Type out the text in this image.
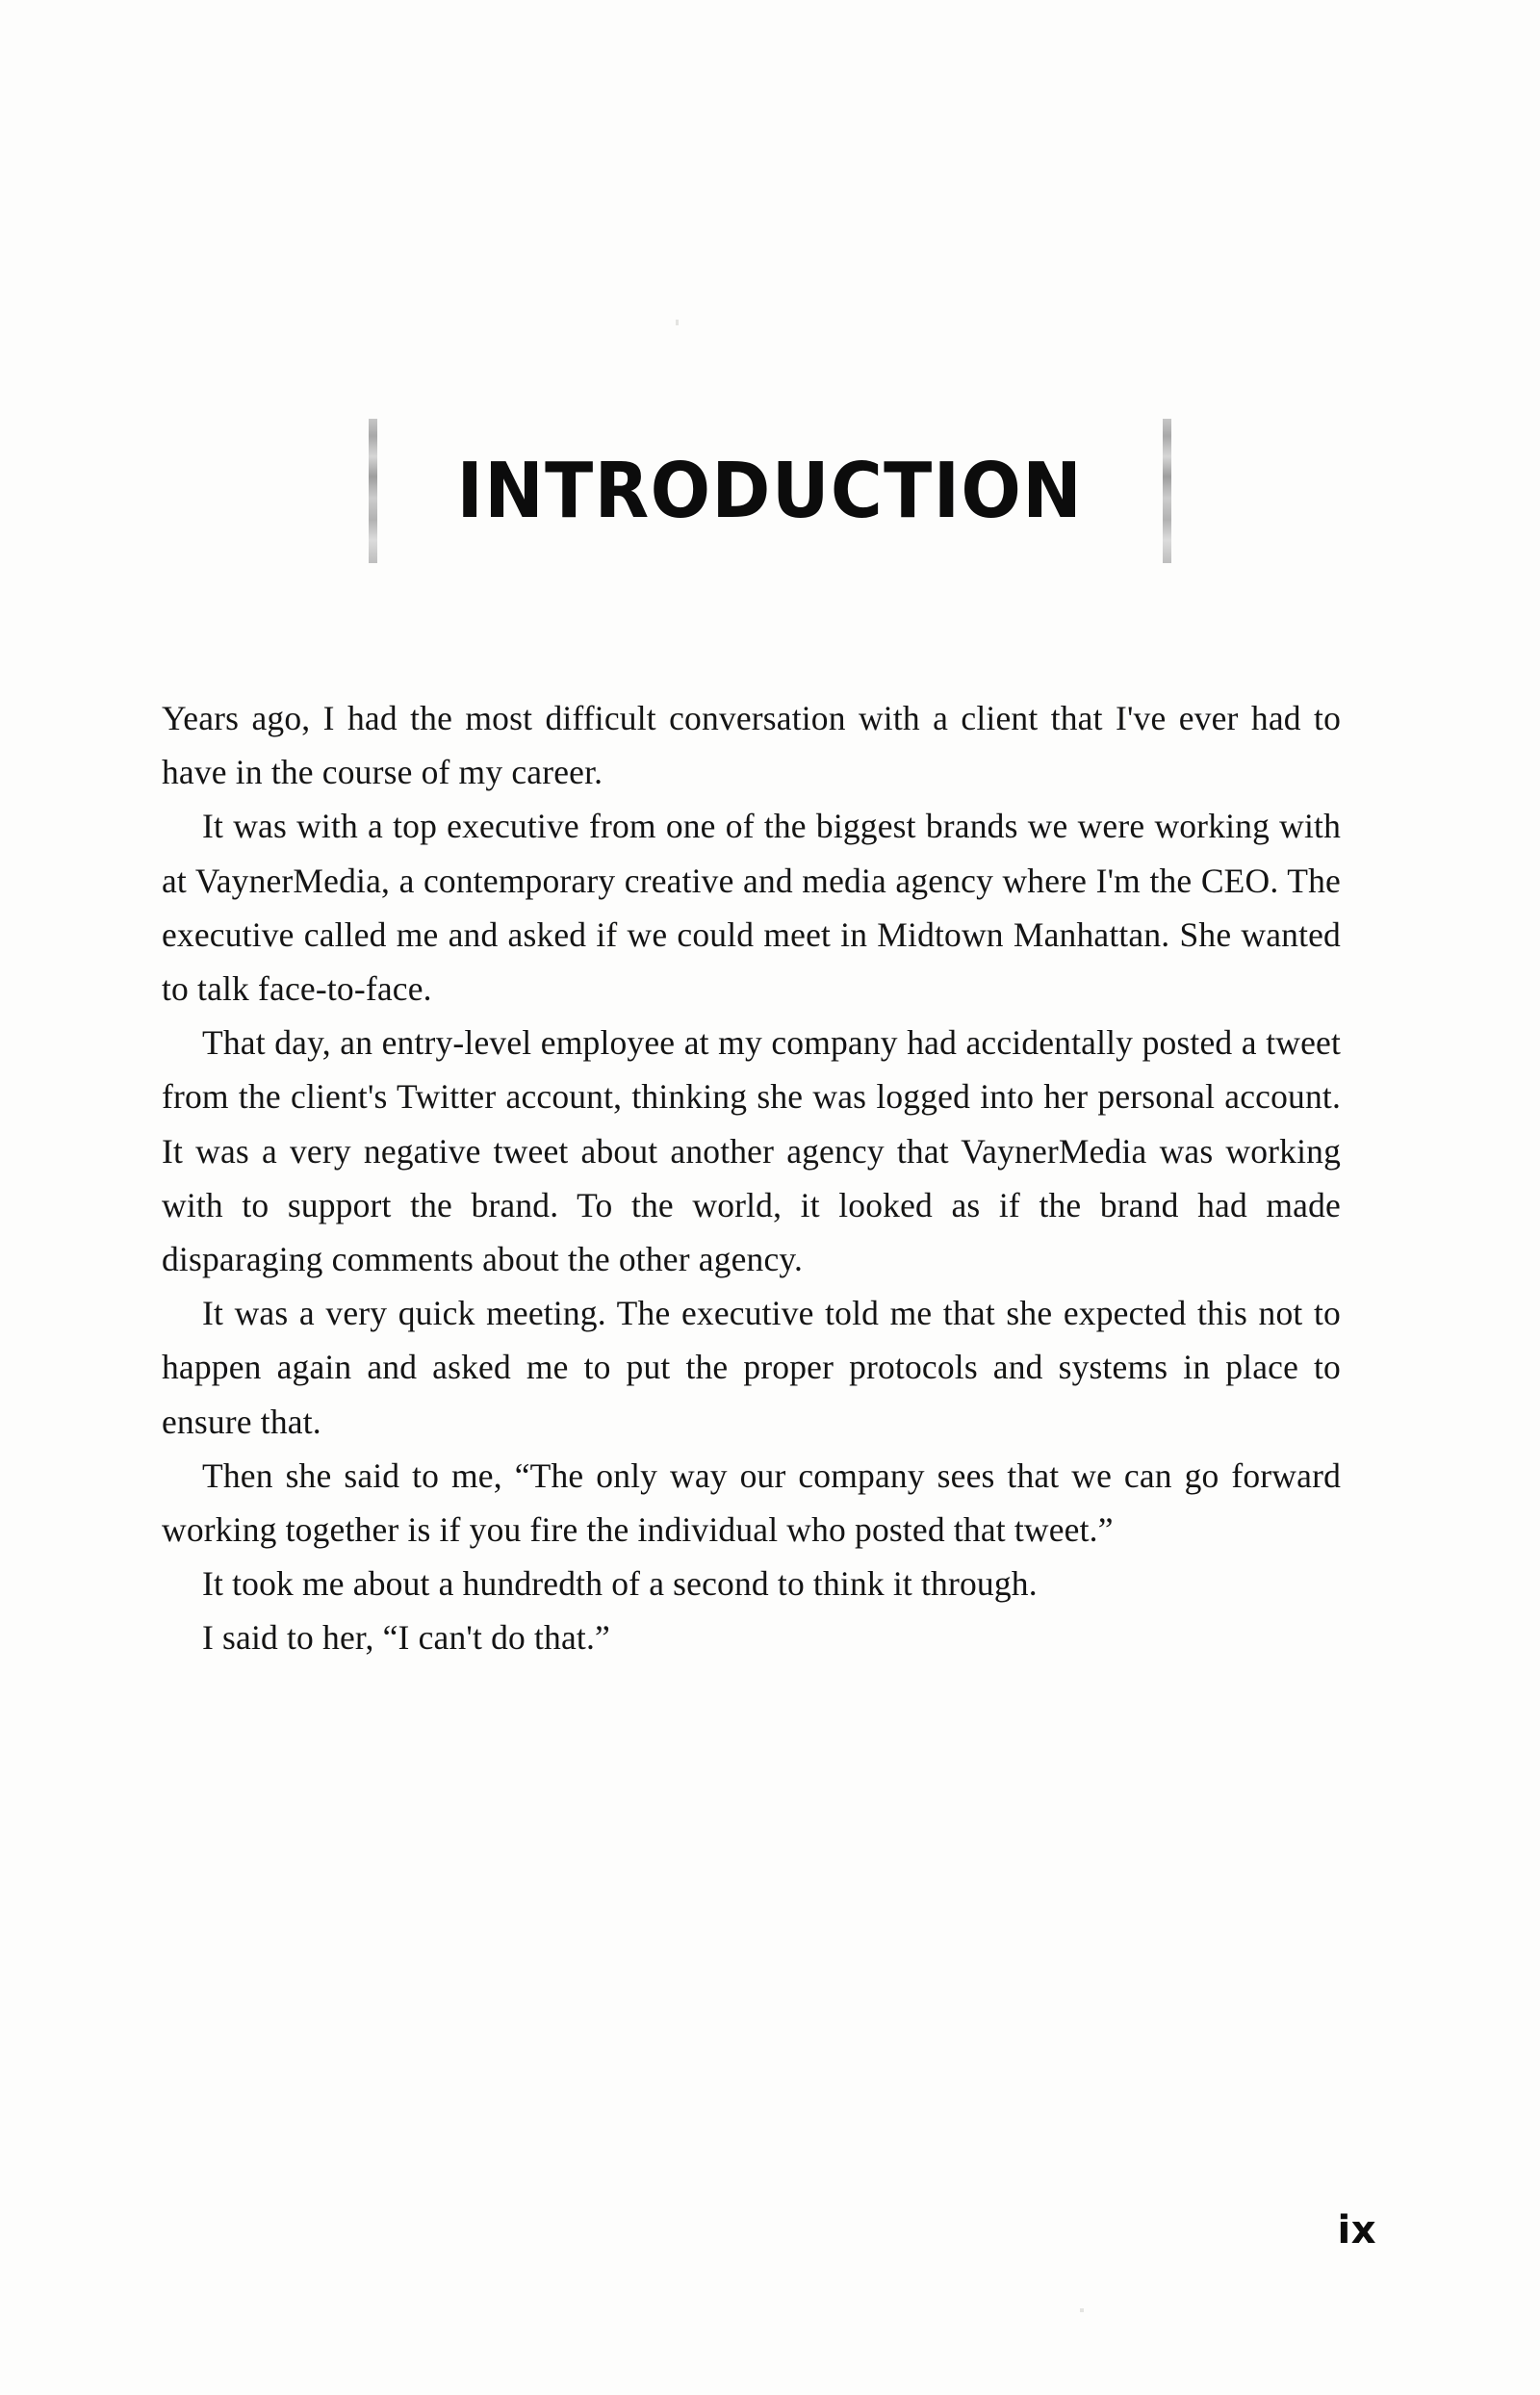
INTRODUCTION

Years ago, I had the most difficult conversation with a client that I've ever had to have in the course of my career.

It was with a top executive from one of the biggest brands we were working with at VaynerMedia, a contemporary creative and media agency where I'm the CEO. The executive called me and asked if we could meet in Midtown Manhattan. She wanted to talk face-to-face.

That day, an entry-level employee at my company had accidentally posted a tweet from the client's Twitter account, thinking she was logged into her personal account. It was a very negative tweet about another agency that VaynerMedia was working with to support the brand. To the world, it looked as if the brand had made disparaging comments about the other agency.

It was a very quick meeting. The executive told me that she expected this not to happen again and asked me to put the proper protocols and systems in place to ensure that.

Then she said to me, “The only way our company sees that we can go forward working together is if you fire the individual who posted that tweet.”

It took me about a hundredth of a second to think it through.

I said to her, “I can't do that.”

ix
